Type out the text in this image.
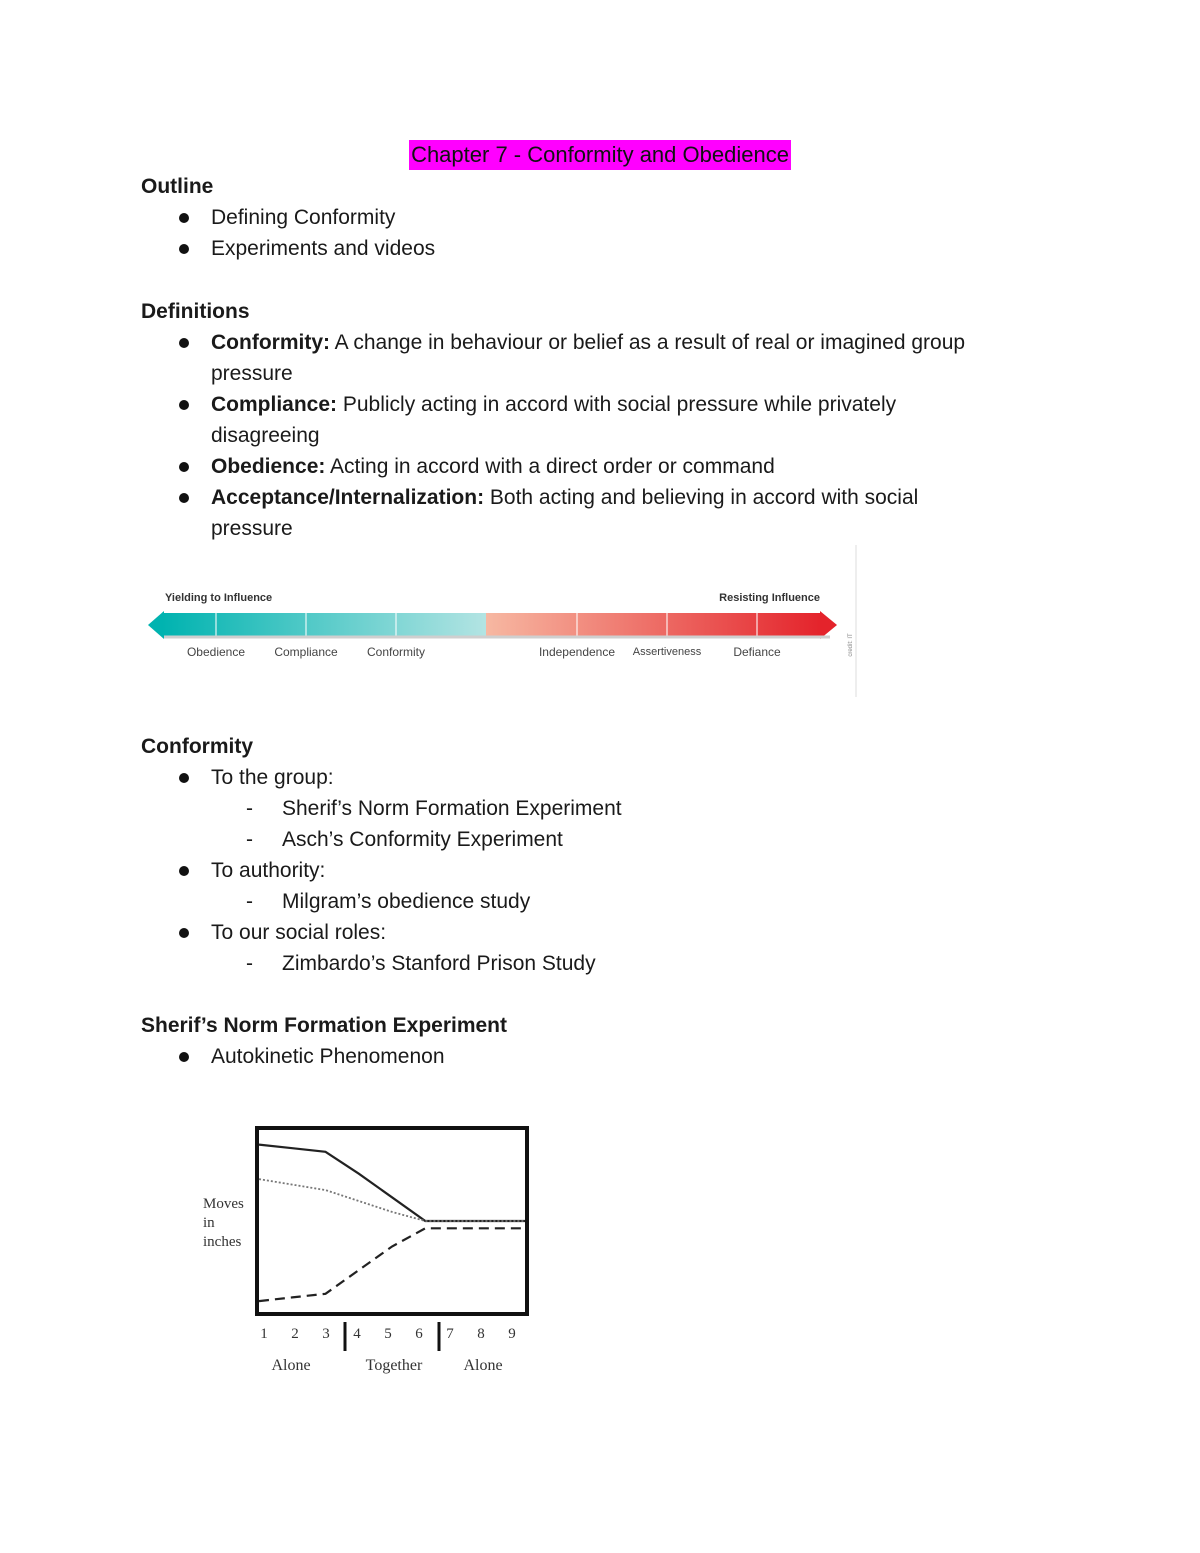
Chapter 7 - Conformity and Obedience

Outline

Defining Conformity
Experiments and videos

Definitions

Conformity: A change in behaviour or belief as a result of real or imagined group
pressure
Compliance: Publicly acting in accord with social pressure while privately
disagreeing
Obedience: Acting in accord with a direct order or command
Acceptance/Internalization: Both acting and believing in accord with social
pressure
Yielding to Influence	Resisting Influence
Obedience Compliance Conformity	Independence Assertiveness	Defiance	credit: IT

Conformity

To the group:
- Sherif’s Norm Formation Experiment
- Asch’s Conformity Experiment
To authority:
- Milgram’s obedience study
To our social roles:
- Zimbardo’s Stanford Prison Study

Sherif’s Norm Formation Experiment

Autokinetic Phenomenon
Moves
in
inches
1 2 3 4 5 6 7 8 9
Alone	Together	Alone
